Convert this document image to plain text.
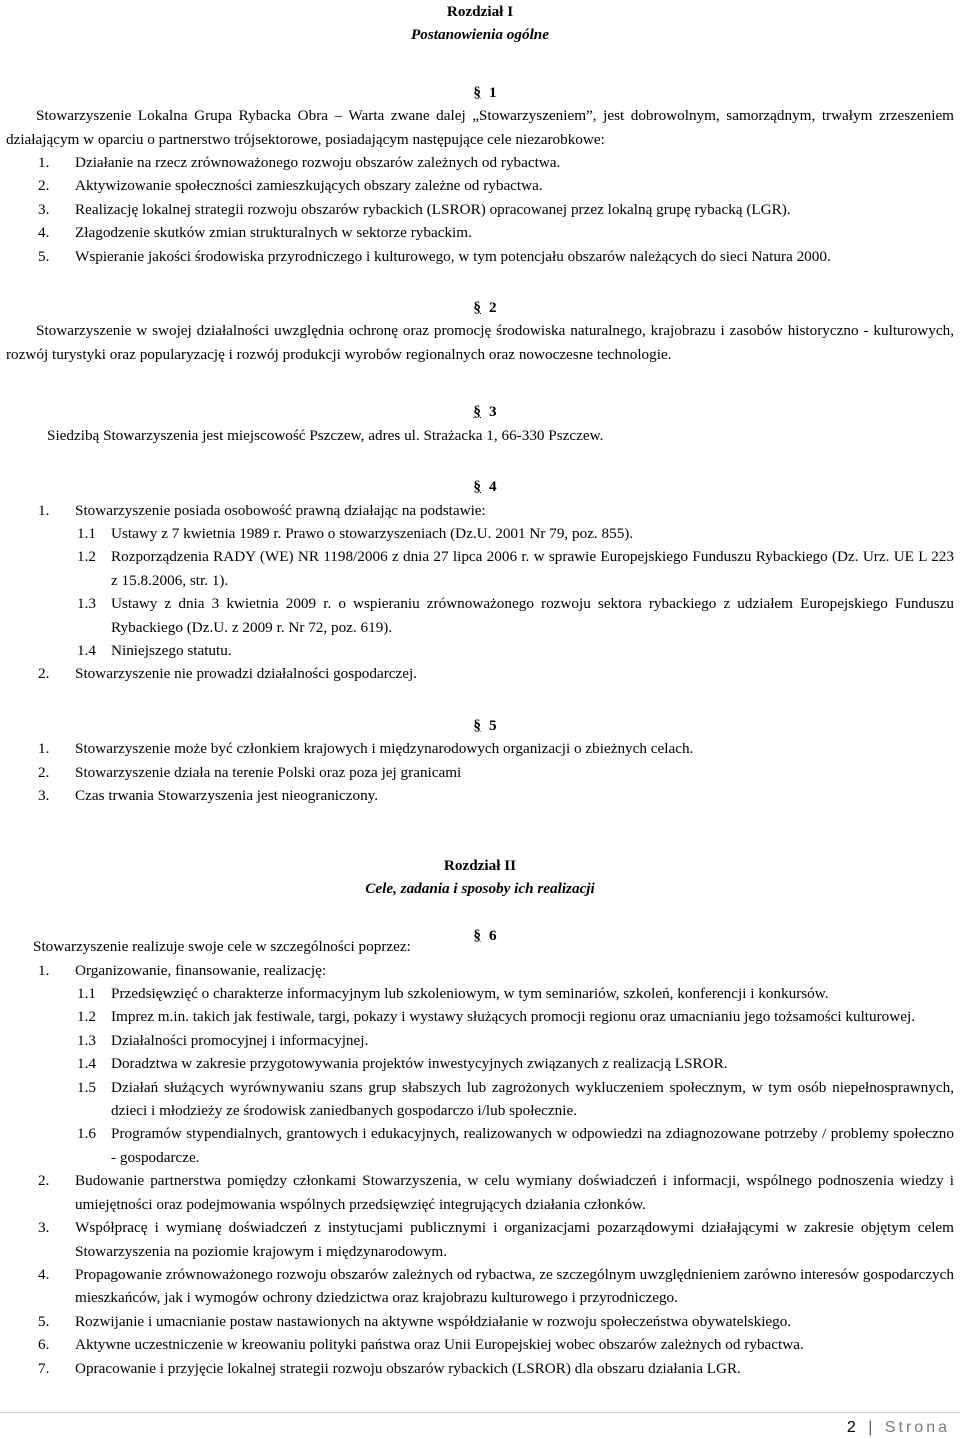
Rozdział I
Postanowienia ogólne
§ 1

Stowarzyszenie Lokalna Grupa Rybacka Obra – Warta zwane dalej „Stowarzyszeniem”, jest dobrowolnym, samorządnym, trwałym zrzeszeniem działającym w oparciu o partnerstwo trójsektorowe, posiadającym następujące cele niezarobkowe:

1. Działanie na rzecz zrównoważonego rozwoju obszarów zależnych od rybactwa.
2. Aktywizowanie społeczności zamieszkujących obszary zależne od rybactwa.
3. Realizację lokalnej strategii rozwoju obszarów rybackich (LSROR) opracowanej przez lokalną grupę rybacką (LGR).
4. Złagodzenie skutków zmian strukturalnych w sektorze rybackim.
5. Wspieranie jakości środowiska przyrodniczego i kulturowego, w tym potencjału obszarów należących do sieci Natura 2000.
§ 2

Stowarzyszenie w swojej działalności uwzględnia ochronę oraz promocję środowiska naturalnego, krajobrazu i zasobów historyczno - kulturowych, rozwój turystyki oraz popularyzację i rozwój produkcji wyrobów regionalnych oraz nowoczesne technologie.

§ 3

Siedzibą Stowarzyszenia jest miejscowość Pszczew, adres ul. Strażacka 1, 66-330 Pszczew.

§ 4
1. Stowarzyszenie posiada osobowość prawną działając na podstawie:
1.1 Ustawy z 7 kwietnia 1989 r. Prawo o stowarzyszeniach (Dz.U. 2001 Nr 79, poz. 855).
1.2 Rozporządzenia RADY (WE) NR 1198/2006 z dnia 27 lipca 2006 r. w sprawie Europejskiego Funduszu Rybackiego (Dz. Urz. UE L 223 z 15.8.2006, str. 1).
1.3 Ustawy z dnia 3 kwietnia 2009 r. o wspieraniu zrównoważonego rozwoju sektora rybackiego z udziałem Europejskiego Funduszu Rybackiego (Dz.U. z 2009 r. Nr 72, poz. 619).
1.4 Niniejszego statutu.
2. Stowarzyszenie nie prowadzi działalności gospodarczej.
§ 5
1. Stowarzyszenie może być członkiem krajowych i międzynarodowych organizacji o zbieżnych celach.
2. Stowarzyszenie działa na terenie Polski oraz poza jej granicami
3. Czas trwania Stowarzyszenia jest nieograniczony.
Rozdział II
Cele, zadania i sposoby ich realizacji
§ 6

Stowarzyszenie realizuje swoje cele w szczególności poprzez:

1. Organizowanie, finansowanie, realizację:
1.1 Przedsięwzięć o charakterze informacyjnym lub szkoleniowym, w tym seminariów, szkoleń, konferencji i konkursów.
1.2 Imprez m.in. takich jak festiwale, targi, pokazy i wystawy służących promocji regionu oraz umacnianiu jego tożsamości kulturowej.
1.3 Działalności promocyjnej i informacyjnej.
1.4 Doradztwa w zakresie przygotowywania projektów inwestycyjnych związanych z realizacją LSROR.
1.5 Działań służących wyrównywaniu szans grup słabszych lub zagrożonych wykluczeniem społecznym, w tym osób niepełnosprawnych, dzieci i młodzieży ze środowisk zaniedbanych gospodarczo i/lub społecznie.
1.6 Programów stypendialnych, grantowych i edukacyjnych, realizowanych w odpowiedzi na zdiagnozowane potrzeby / problemy społeczno - gospodarcze.
2. Budowanie partnerstwa pomiędzy członkami Stowarzyszenia, w celu wymiany doświadczeń i informacji, wspólnego podnoszenia wiedzy i umiejętności oraz podejmowania wspólnych przedsięwzięć integrujących działania członków.
3. Współpracę i wymianę doświadczeń z instytucjami publicznymi i organizacjami pozarządowymi działającymi w zakresie objętym celem Stowarzyszenia na poziomie krajowym i międzynarodowym.
4. Propagowanie zrównoważonego rozwoju obszarów zależnych od rybactwa, ze szczególnym uwzględnieniem zarówno interesów gospodarczych mieszkańców, jak i wymogów ochrony dziedzictwa oraz krajobrazu kulturowego i przyrodniczego.
5. Rozwijanie i umacnianie postaw nastawionych na aktywne współdziałanie w rozwoju społeczeństwa obywatelskiego.
6. Aktywne uczestniczenie w kreowaniu polityki państwa oraz Unii Europejskiej wobec obszarów zależnych od rybactwa.
7. Opracowanie i przyjęcie lokalnej strategii rozwoju obszarów rybackich (LSROR) dla obszaru działania LGR.
2 | Strona
